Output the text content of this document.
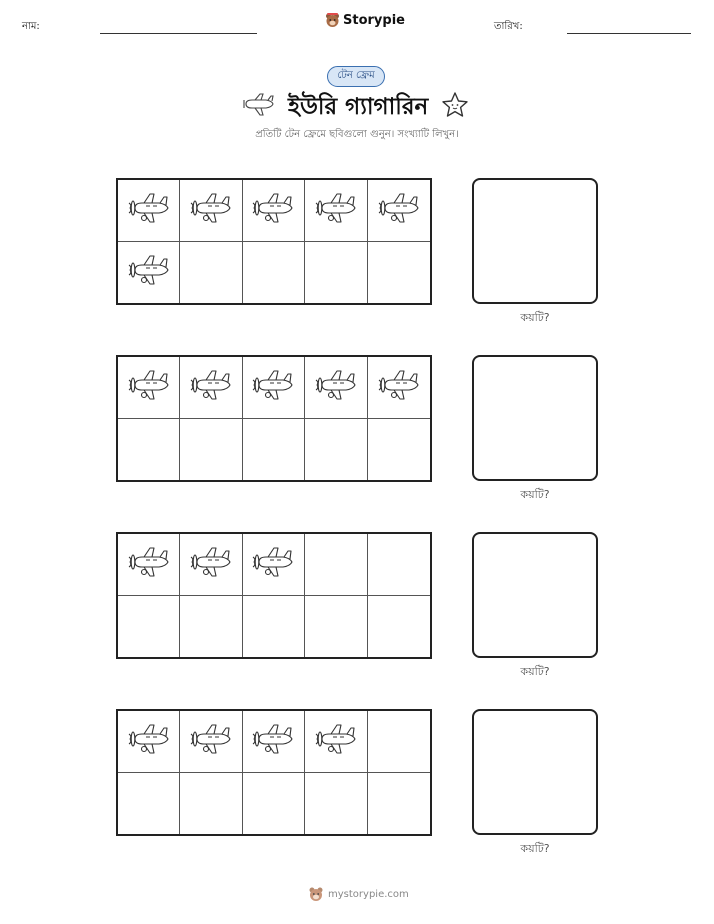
নাম:	Storypie	তারিখ:
টেন ফ্রেম
ইউরি গ্যাগারিন
প্রতিটি টেন ফ্রেমে ছবিগুলো গুনুন। সংখ্যাটি লিখুন।
কয়টি?
কয়টি?
কয়টি?
কয়টি?
mystorypie.com
